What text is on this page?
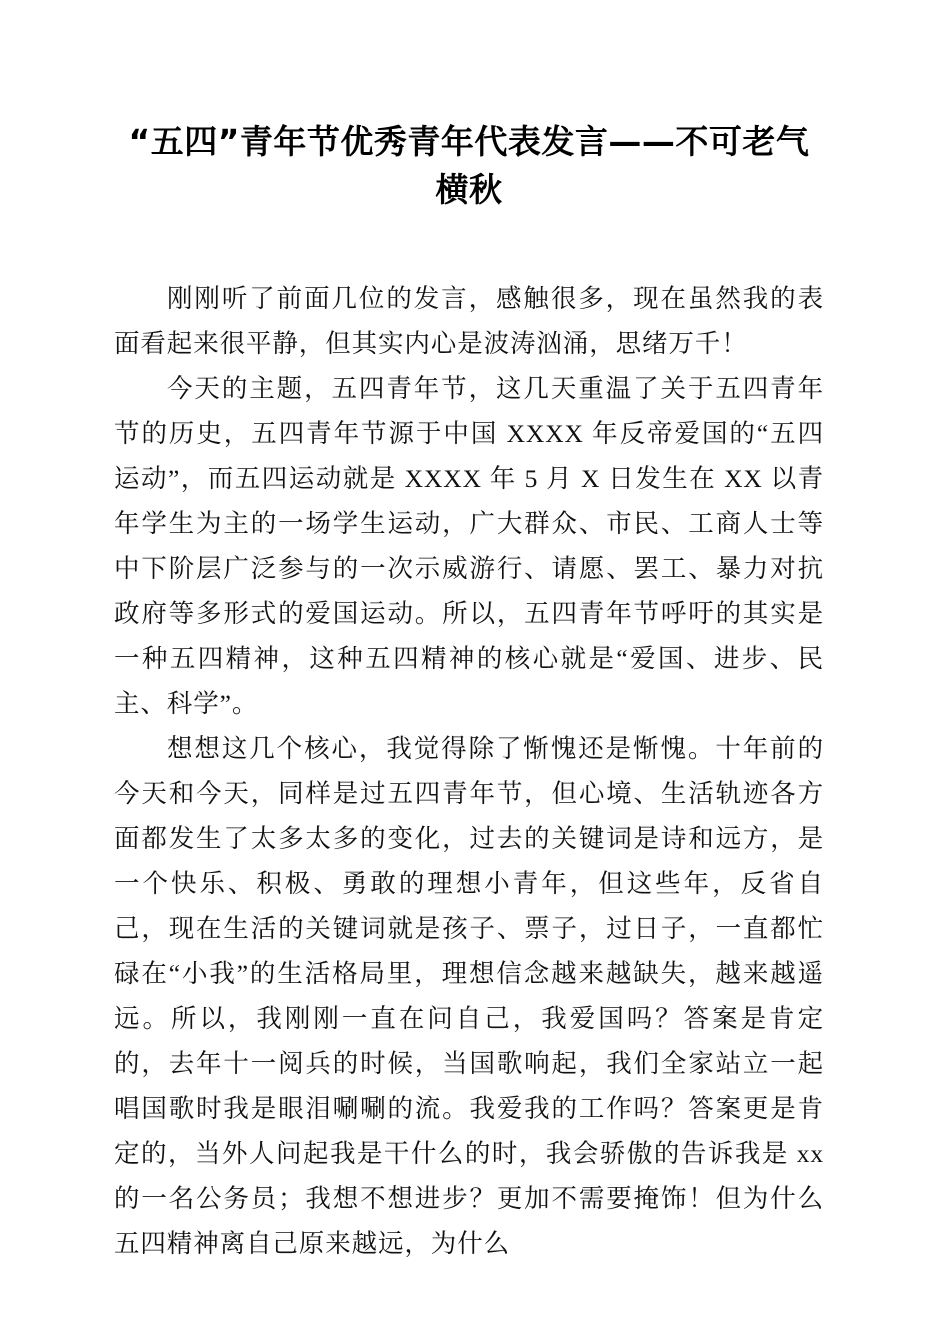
“五四”青年节优秀青年代表发言——不可老气横秋

刚刚听了前面几位的发言，感触很多，现在虽然我的表面看起来很平静，但其实内心是波涛汹涌，思绪万千！

今天的主题，五四青年节，这几天重温了关于五四青年节的历史，五四青年节源于中国 XXXX 年反帝爱国的“五四运动”，而五四运动就是 XXXX 年 5 月 X 日发生在 XX 以青年学生为主的一场学生运动，广大群众、市民、工商人士等中下阶层广泛参与的一次示威游行、请愿、罢工、暴力对抗政府等多形式的爱国运动。所以，五四青年节呼吁的其实是一种五四精神，这种五四精神的核心就是“爱国、进步、民主、科学”。

想想这几个核心，我觉得除了惭愧还是惭愧。十年前的今天和今天，同样是过五四青年节，但心境、生活轨迹各方面都发生了太多太多的变化，过去的关键词是诗和远方，是一个快乐、积极、勇敢的理想小青年，但这些年，反省自己，现在生活的关键词就是孩子、票子，过日子，一直都忙碌在“小我”的生活格局里，理想信念越来越缺失，越来越遥远。所以，我刚刚一直在问自己，我爱国吗？答案是肯定的，去年十一阅兵的时候，当国歌响起，我们全家站立一起唱国歌时我是眼泪唰唰的流。我爱我的工作吗？答案更是肯定的，当外人问起我是干什么的时，我会骄傲的告诉我是 xx 的一名公务员；我想不想进步？更加不需要掩饰！但为什么五四精神离自己原来越远，为什么
